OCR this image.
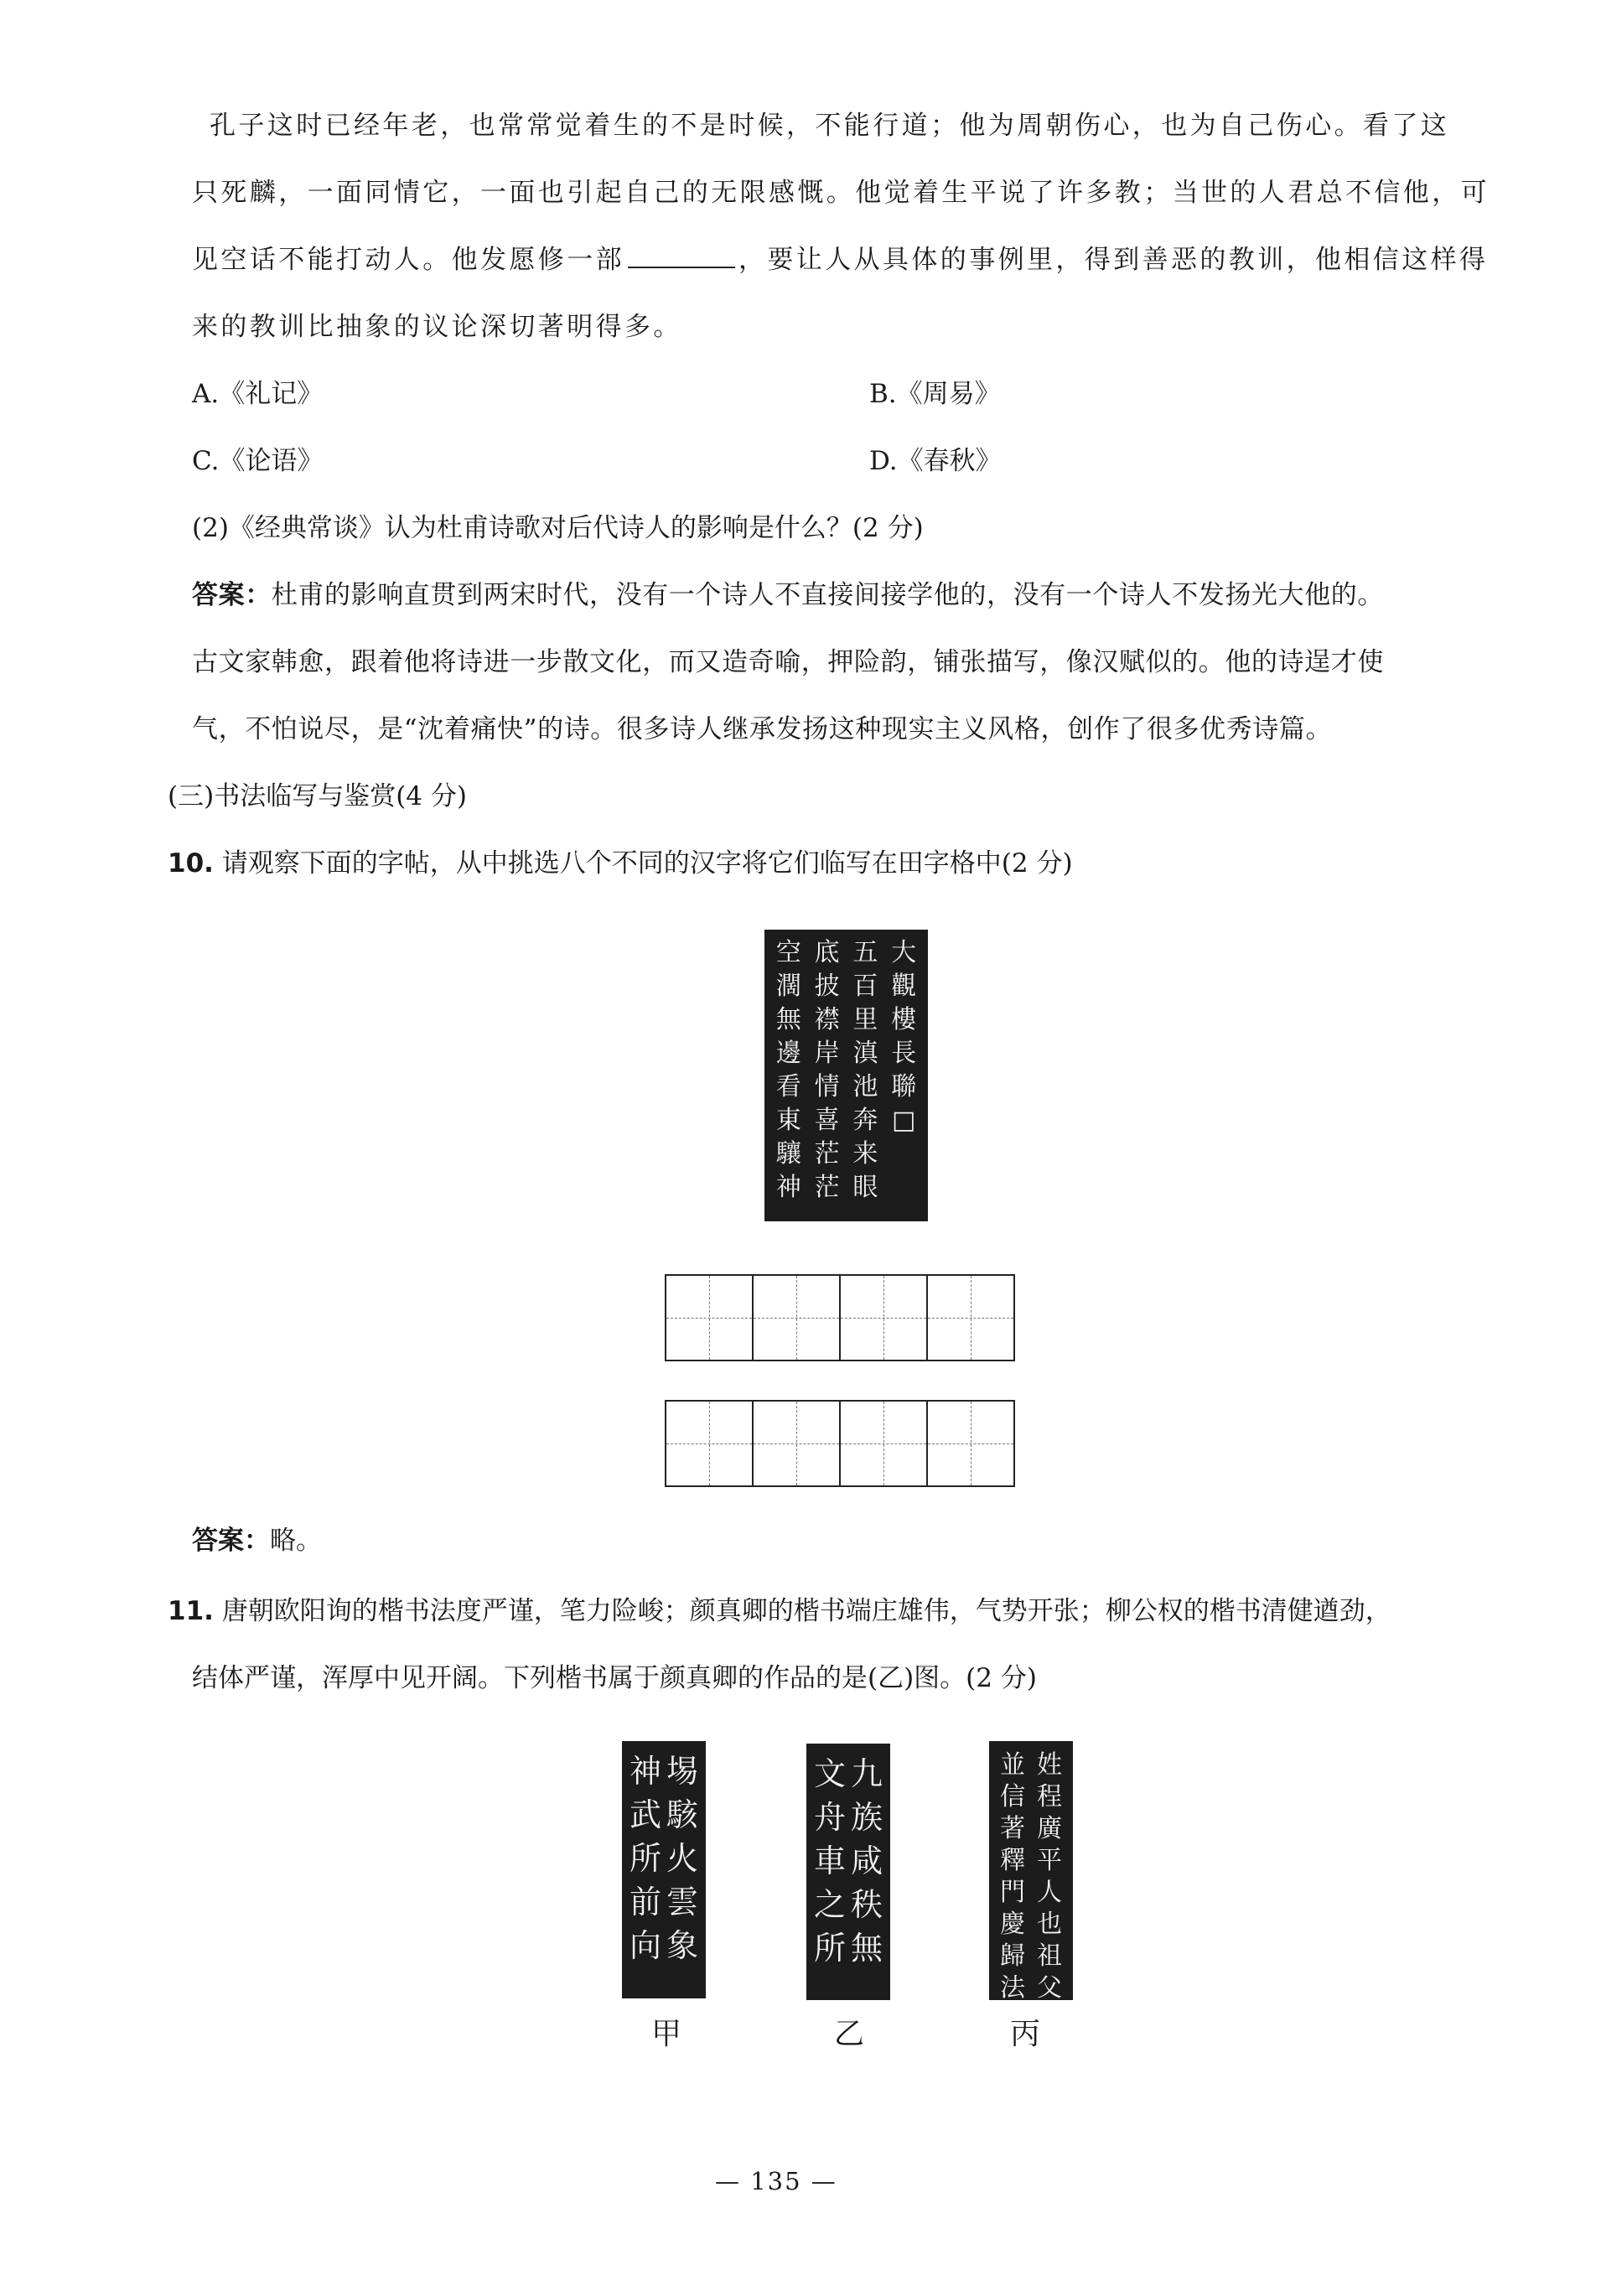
孔子这时已经年老，也常常觉着生的不是时候，不能行道；他为周朝伤心，也为自己伤心。看了这
只死麟，一面同情它，一面也引起自己的无限感慨。他觉着生平说了许多教；当世的人君总不信他，可
见空话不能打动人。他发愿修一部	，要让人从具体的事例里，得到善恶的教训，他相信这样得
来的教训比抽象的议论深切著明得多。
A.《礼记》	B.《周易》
C.《论语》	D.《春秋》
(2)《经典常谈》认为杜甫诗歌对后代诗人的影响是什么？(2 分)
答案：杜甫的影响直贯到两宋时代，没有一个诗人不直接间接学他的，没有一个诗人不发扬光大他的。
古文家韩愈，跟着他将诗进一步散文化，而又造奇喻，押险韵，铺张描写，像汉赋似的。他的诗逞才使
气，不怕说尽，是“沈着痛快”的诗。很多诗人继承发扬这种现实主义风格，创作了很多优秀诗篇。
(三)书法临写与鉴赏(4 分)
10. 请观察下面的字帖，从中挑选八个不同的汉字将它们临写在田字格中(2 分)
大
觀
樓
長
聯
□
五
百
里
滇
池
奔
来
眼
底
披
襟
岸
情
喜
茫
茫
空
濶
無
邊
看
東
驤
神
答案：略。
11. 唐朝欧阳询的楷书法度严谨，笔力险峻；颜真卿的楷书端庄雄伟，气势开张；柳公权的楷书清健遒劲，
结体严谨，浑厚中见开阔。下列楷书属于颜真卿的作品的是(乙)图。(2 分)
埸
駭
火
雲
象
神
武
所
前
向
甲
九
族
咸
秩
無
文
舟
車
之
所
乙
姓
程
廣
平
人
也
祖
父
並
信
著
釋
門
慶
歸
法
丙
— 135 —
